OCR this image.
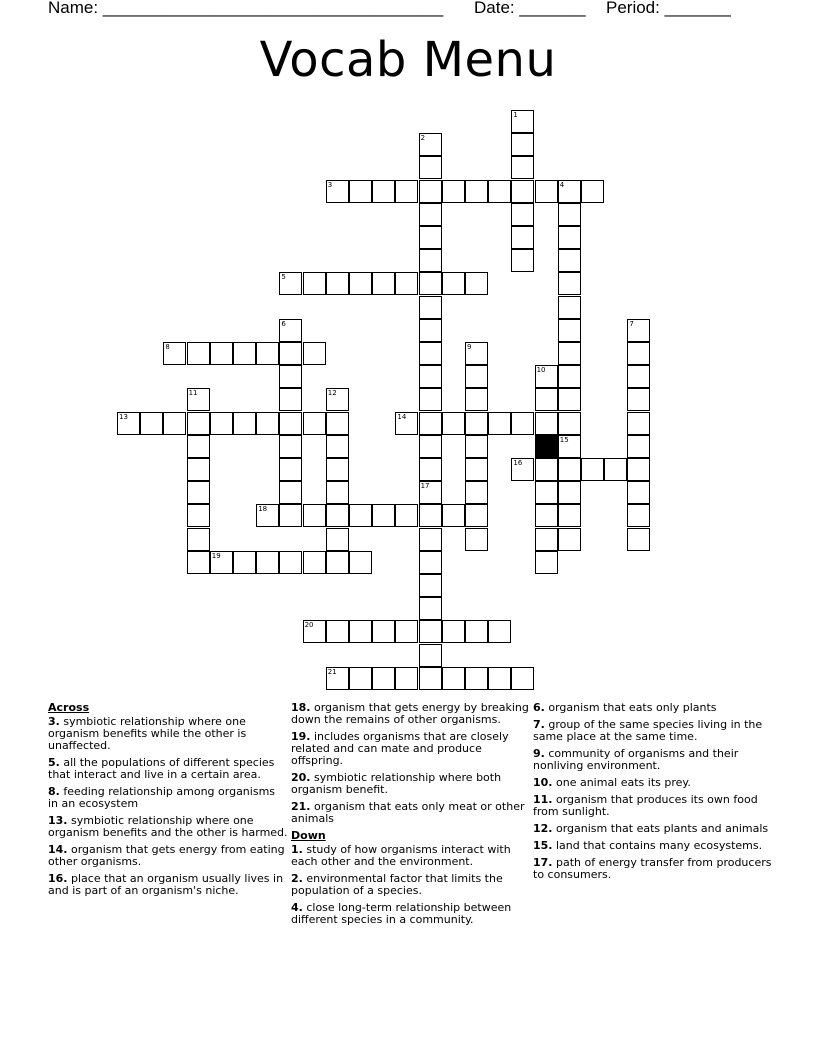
Name: ____________________________________ Date: _______ Period: _______
Vocab Menu
1
2
3	4
5
6	7
8	9
10
11	12
13	14
15
16
17
18
19
20
21
Across
3. symbiotic relationship where one organism benefits while the other is unaffected.
5. all the populations of different species that interact and live in a certain area.
8. feeding relationship among organisms in an ecosystem
13. symbiotic relationship where one organism benefits and the other is harmed.
14. organism that gets energy from eating other organisms.
16. place that an organism usually lives in and is part of an organism's niche.
18. organism that gets energy by breaking down the remains of other organisms.
19. includes organisms that are closely related and can mate and produce offspring.
20. symbiotic relationship where both organism benefit.
21. organism that eats only meat or other animals
Down
1. study of how organisms interact with each other and the environment.
2. environmental factor that limits the population of a species.
4. close long-term relationship between different species in a community.
6. organism that eats only plants
7. group of the same species living in the same place at the same time.
9. community of organisms and their nonliving environment.
10. one animal eats its prey.
11. organism that produces its own food from sunlight.
12. organism that eats plants and animals
15. land that contains many ecosystems.
17. path of energy transfer from producers to consumers.
